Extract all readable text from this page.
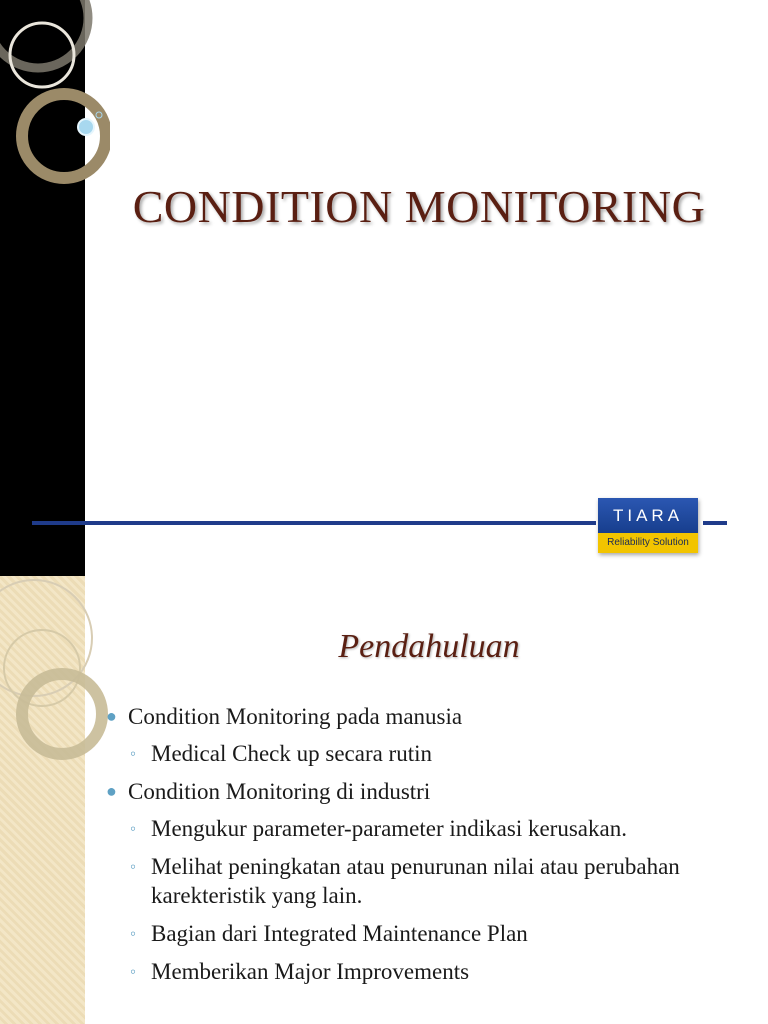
CONDITION MONITORING
TIARA
Reliability Solution
Pendahuluan
● Condition Monitoring pada manusia
◦ Medical Check up secara rutin
● Condition Monitoring di industri
◦ Mengukur parameter-parameter indikasi kerusakan.
◦ Melihat peningkatan atau penurunan nilai atau perubahan karekteristik yang lain.
◦ Bagian dari Integrated Maintenance Plan
◦ Memberikan Major Improvements
